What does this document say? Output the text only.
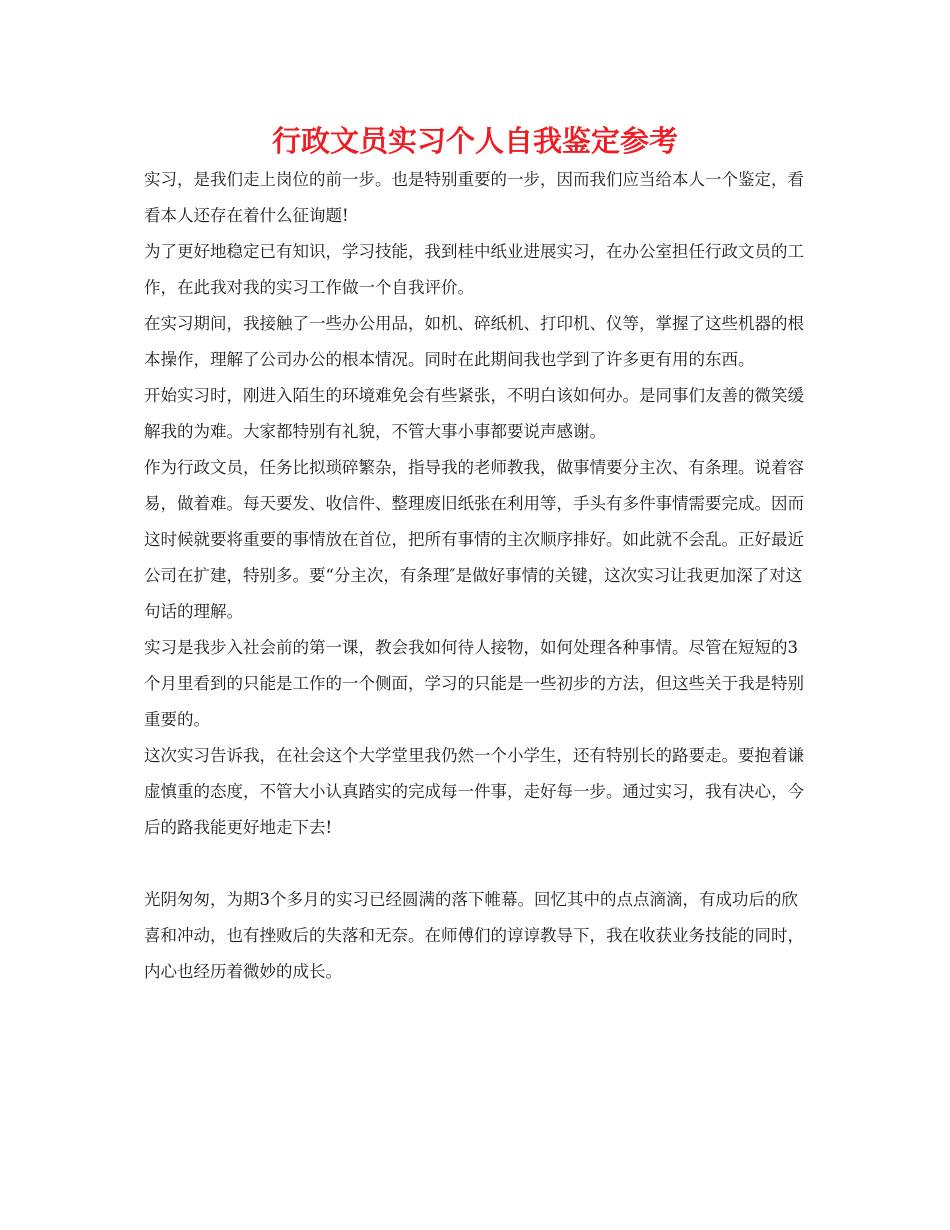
行政文员实习个人自我鉴定参考

实习，是我们走上岗位的前一步。也是特别重要的一步，因而我们应当给本人一个鉴定，看看本人还存在着什么征询题!

为了更好地稳定已有知识，学习技能，我到桂中纸业进展实习，在办公室担任行政文员的工作，在此我对我的实习工作做一个自我评价。

在实习期间，我接触了一些办公用品，如机、碎纸机、打印机、仪等，掌握了这些机器的根本操作，理解了公司办公的根本情况。同时在此期间我也学到了许多更有用的东西。

开始实习时，刚进入陌生的环境难免会有些紧张，不明白该如何办。是同事们友善的微笑缓解我的为难。大家都特别有礼貌，不管大事小事都要说声感谢。

作为行政文员，任务比拟琐碎繁杂，指导我的老师教我，做事情要分主次、有条理。说着容易，做着难。每天要发、收信件、整理废旧纸张在利用等，手头有多件事情需要完成。因而这时候就要将重要的事情放在首位，把所有事情的主次顺序排好。如此就不会乱。正好最近公司在扩建，特别多。要“分主次，有条理″是做好事情的关键，这次实习让我更加深了对这句话的理解。

实习是我步入社会前的第一课，教会我如何待人接物，如何处理各种事情。尽管在短短的3个月里看到的只能是工作的一个侧面，学习的只能是一些初步的方法，但这些关于我是特别重要的。

这次实习告诉我，在社会这个大学堂里我仍然一个小学生，还有特别长的路要走。要抱着谦虚慎重的态度，不管大小认真踏实的完成每一件事，走好每一步。通过实习，我有决心，今后的路我能更好地走下去!

光阴匆匆，为期3个多月的实习已经圆满的落下帷幕。回忆其中的点点滴滴，有成功后的欣喜和冲动，也有挫败后的失落和无奈。在师傅们的谆谆教导下，我在收获业务技能的同时，内心也经历着微妙的成长。
